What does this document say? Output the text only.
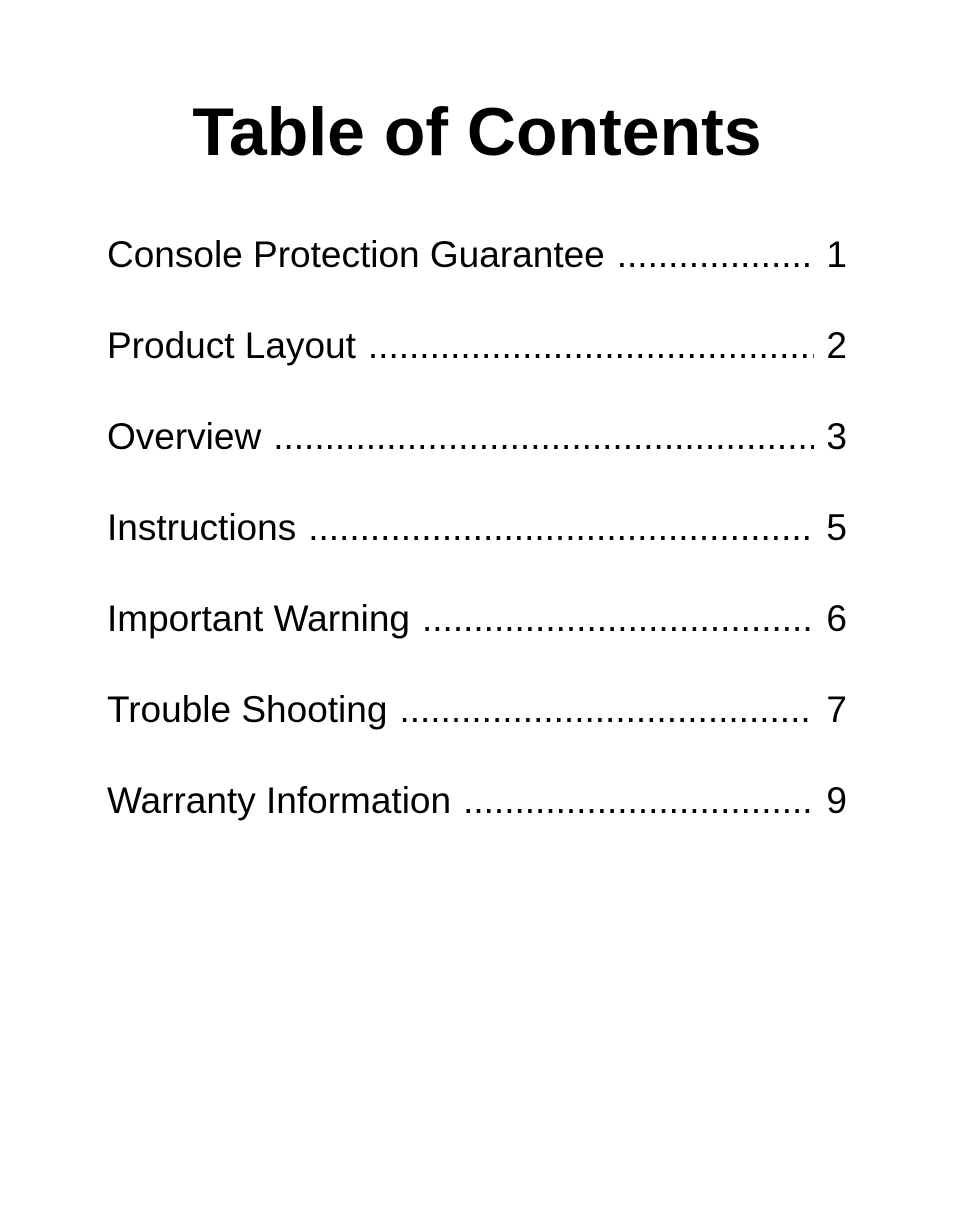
Table of Contents
Console Protection Guarantee .....	1
Product Layout .....	2
Overview .....	3
Instructions .....	5
Important Warning .....	6
Trouble Shooting .....	7
Warranty Information .....	9
